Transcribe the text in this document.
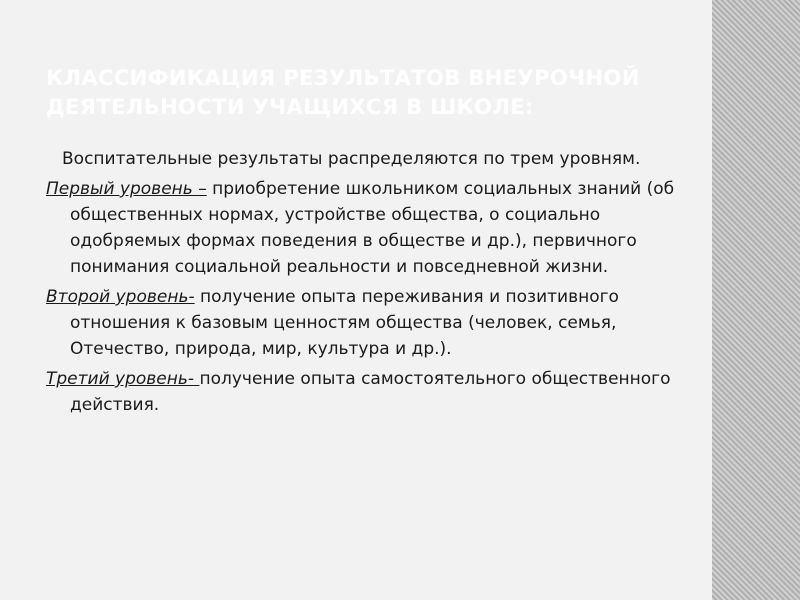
КЛАССИФИКАЦИЯ РЕЗУЛЬТАТОВ ВНЕУРОЧНОЙ ДЕЯТЕЛЬНОСТИ УЧАЩИХСЯ В ШКОЛЕ:

Воспитательные результаты распределяются по трем уровням.

Первый уровень – приобретение школьником социальных знаний (об общественных нормах, устройстве общества, о социально одобряемых формах поведения в обществе и др.), первичного понимания социальной реальности и повседневной жизни.

Второй уровень- получение опыта переживания и позитивного отношения к базовым ценностям общества (человек, семья, Отечество, природа, мир, культура и др.).

Третий уровень- получение опыта самостоятельного общественного действия.
